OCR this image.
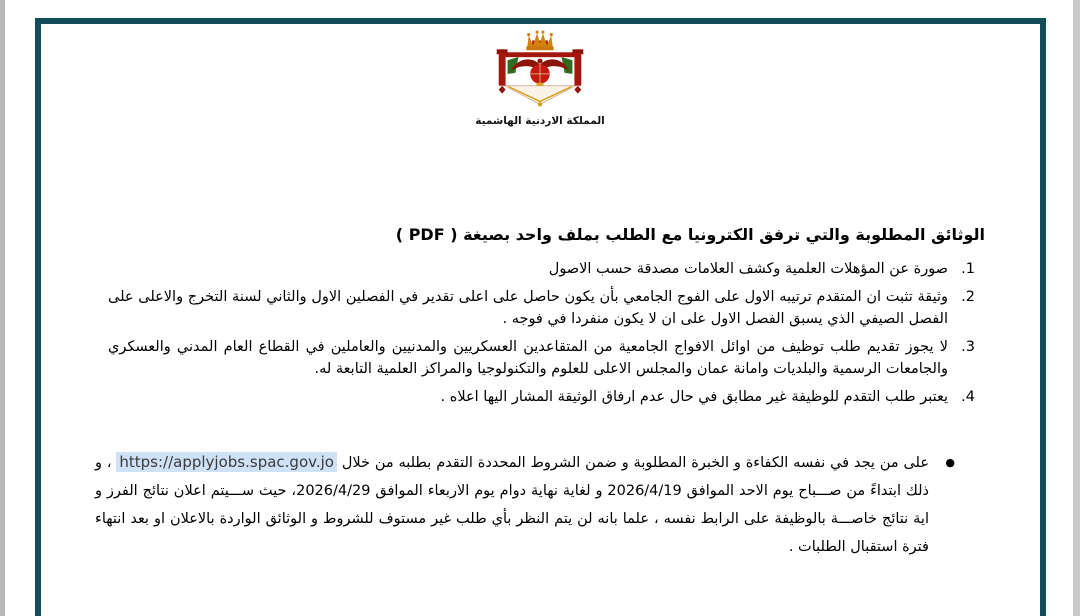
المملكة الاردنية الهاشمية
الوثائق المطلوبة والتي ترفق الكترونيا مع الطلب بملف واحد بصيغة ( PDF )
1.
صورة عن المؤهلات العلمية وكشف العلامات مصدقة حسب الاصول
2.
وثيقة تثبت ان المتقدم ترتيبه الاول على الفوج الجامعي بأن يكون حاصل على اعلى تقدير في الفصلين الاول والثاني لسنة التخرج والاعلى على الفصل الصيفي الذي يسبق الفصل الاول على ان لا يكون منفردا في فوجه .
3.
لا يجوز تقديم طلب توظيف من اوائل الافواج الجامعية من المتقاعدين العسكريين والمدنيين والعاملين في القطاع العام المدني والعسكري والجامعات الرسمية والبلديات وامانة عمان والمجلس الاعلى للعلوم والتكنولوجيا والمراكز العلمية التابعة له.
4.
يعتبر طلب التقدم للوظيفة غير مطابق في حال عدم ارفاق الوثيقة المشار اليها اعلاه .
●
على من يجد في نفسه الكفاءة و الخبرة المطلوبة و ضمن الشروط المحددة التقدم بطلبه من خلال https://applyjobs.spac.gov.jo ، و ذلك ابتداءً من صـــباح يوم الاحد الموافق 2026/4/19 و لغاية نهاية دوام يوم الاربعاء الموافق 2026/4/29، حيث ســـيتم اعلان نتائج الفرز و اية نتائج خاصـــة بالوظيفة على الرابط نفسه ، علما بانه لن يتم النظر بأي طلب غير مستوف للشروط و الوثائق الواردة بالاعلان او بعد انتهاء فترة استقبال الطلبات .
